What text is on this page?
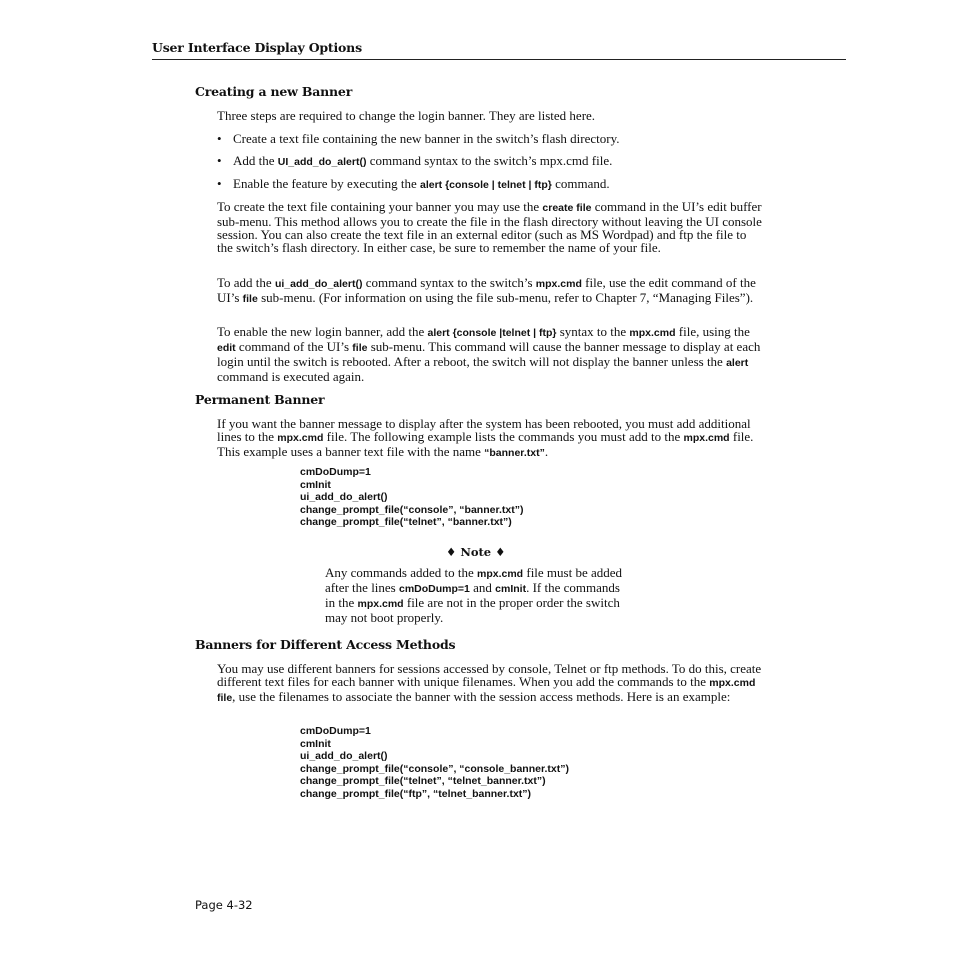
User Interface Display Options
Creating a new Banner

Three steps are required to change the login banner. They are listed here.

• Create a text file containing the new banner in the switch’s flash directory.
• Add the UI_add_do_alert() command syntax to the switch’s mpx.cmd file.
• Enable the feature by executing the alert {console | telnet | ftp} command.

To create the text file containing your banner you may use the create file command in the UI’s edit buffer sub-menu. This method allows you to create the file in the flash directory without leaving the UI console session. You can also create the text file in an external editor (such as MS Wordpad) and ftp the file to the switch’s flash directory. In either case, be sure to remember the name of your file.

To add the ui_add_do_alert() command syntax to the switch’s mpx.cmd file, use the edit command of the UI’s file sub-menu. (For information on using the file sub-menu, refer to Chapter 7, “Managing Files”).

To enable the new login banner, add the alert {console |telnet | ftp} syntax to the mpx.cmd file, using the edit command of the UI’s file sub-menu. This command will cause the banner message to display at each login until the switch is rebooted. After a reboot, the switch will not display the banner unless the alert command is executed again.

Permanent Banner

If you want the banner message to display after the system has been rebooted, you must add additional lines to the mpx.cmd file. The following example lists the commands you must add to the mpx.cmd file. This example uses a banner text file with the name “banner.txt”.

cmDoDump=1
cmInit
ui_add_do_alert()
change_prompt_file(“console”, “banner.txt”)
change_prompt_file(“telnet”, “banner.txt”)
♦ Note ♦

Any commands added to the mpx.cmd file must be added after the lines cmDoDump=1 and cmInit. If the commands in the mpx.cmd file are not in the proper order the switch may not boot properly.

Banners for Different Access Methods

You may use different banners for sessions accessed by console, Telnet or ftp methods. To do this, create different text files for each banner with unique filenames. When you add the commands to the mpx.cmd file, use the filenames to associate the banner with the session access methods. Here is an example:

cmDoDump=1
cmInit
ui_add_do_alert()
change_prompt_file(“console”, “console_banner.txt”)
change_prompt_file(“telnet”, “telnet_banner.txt”)
change_prompt_file(“ftp”, “telnet_banner.txt”)
Page 4-32
